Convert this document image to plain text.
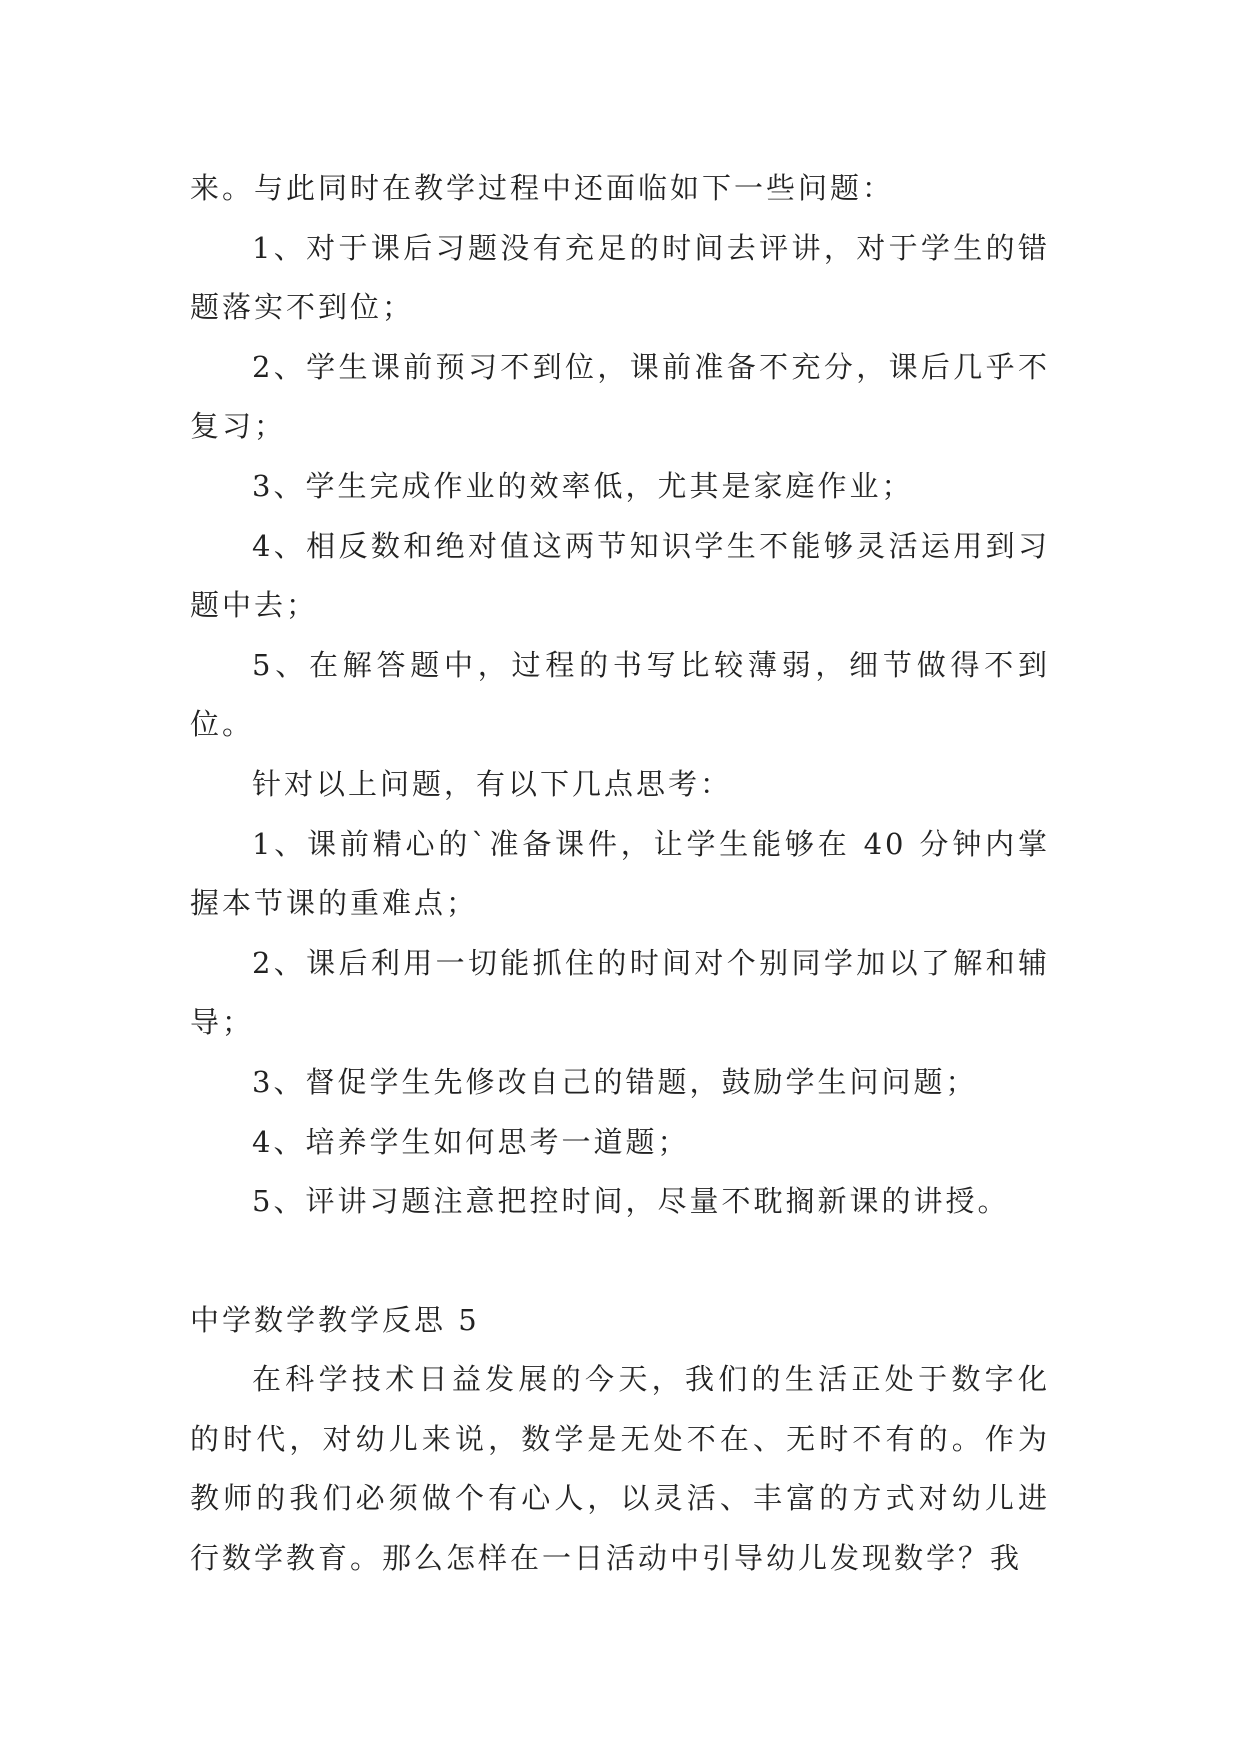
来。与此同时在教学过程中还面临如下一些问题：

1、对于课后习题没有充足的时间去评讲，对于学生的错题落实不到位；

2、学生课前预习不到位，课前准备不充分，课后几乎不复习；

3、学生完成作业的效率低，尤其是家庭作业；

4、相反数和绝对值这两节知识学生不能够灵活运用到习题中去；

5、在解答题中，过程的书写比较薄弱，细节做得不到位。

针对以上问题，有以下几点思考：

1、课前精心的`准备课件，让学生能够在 40 分钟内掌握本节课的重难点；

2、课后利用一切能抓住的时间对个别同学加以了解和辅导；

3、督促学生先修改自己的错题，鼓励学生问问题；

4、培养学生如何思考一道题；

5、评讲习题注意把控时间，尽量不耽搁新课的讲授。

中学数学教学反思 5

在科学技术日益发展的今天，我们的生活正处于数字化的时代，对幼儿来说，数学是无处不在、无时不有的。作为教师的我们必须做个有心人，以灵活、丰富的方式对幼儿进行数学教育。那么怎样在一日活动中引导幼儿发现数学？我
